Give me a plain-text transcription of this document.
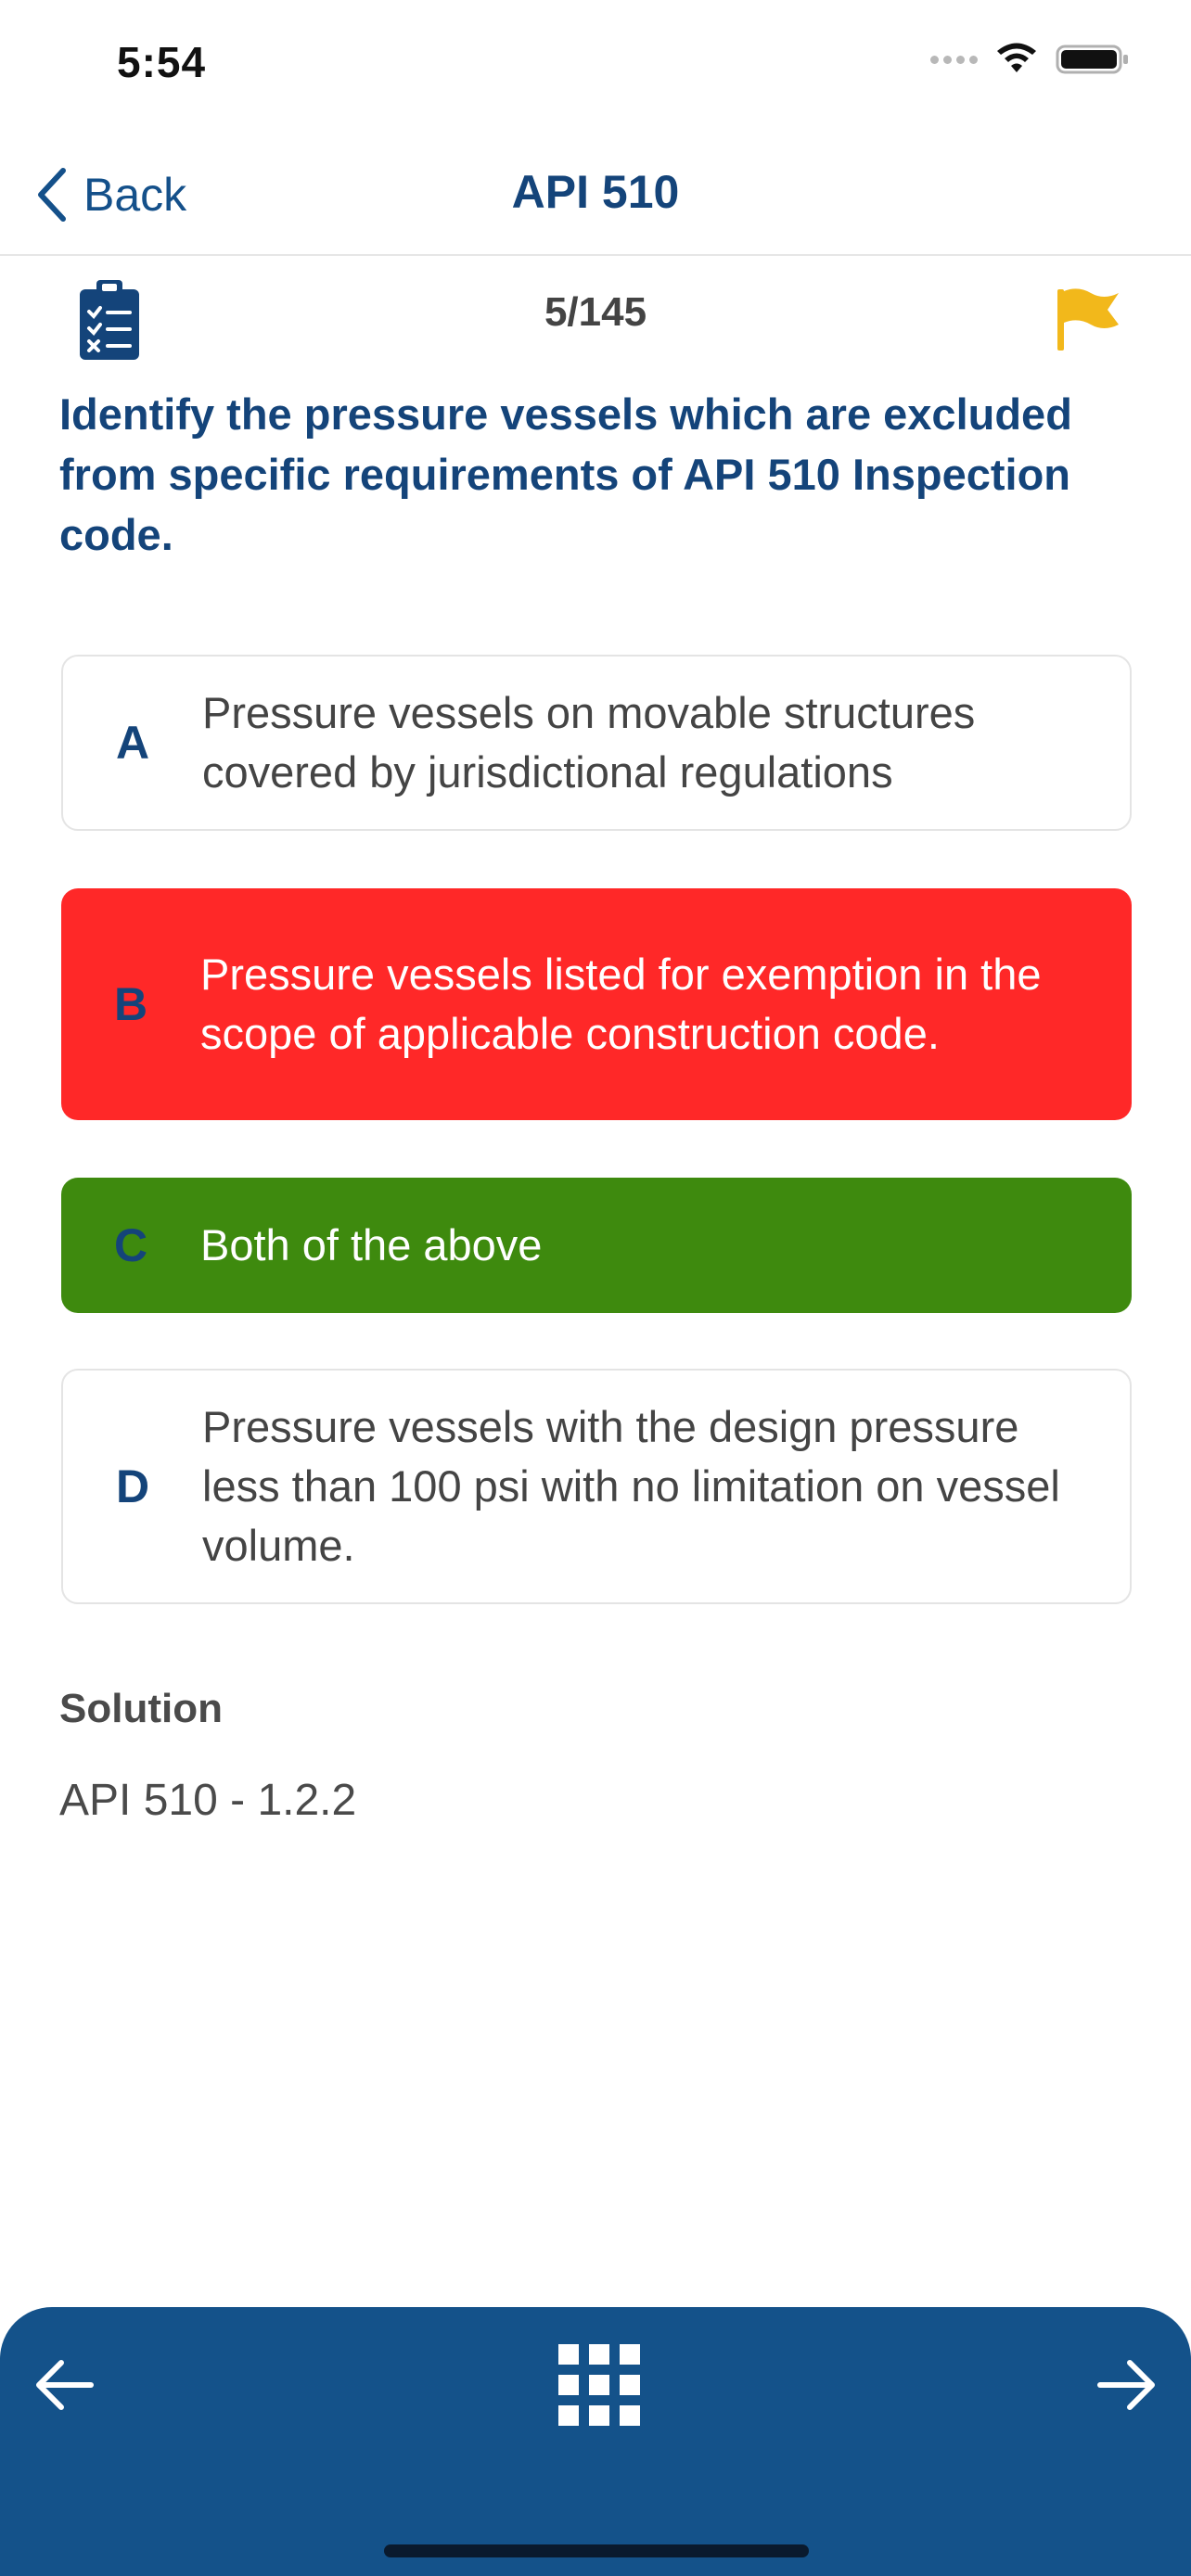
5:54
API 510
Back
5/145

Identify the pressure vessels which are excluded from specific requirements of API 510 Inspection code.

A
Pressure vessels on movable structures covered by jurisdictional regulations
B
Pressure vessels listed for exemption in the scope of applicable construction code.
C	Both of the above
D
Pressure vessels with the design pressure less than 100 psi with no limitation on vessel volume.
Solution
API 510 - 1.2.2
